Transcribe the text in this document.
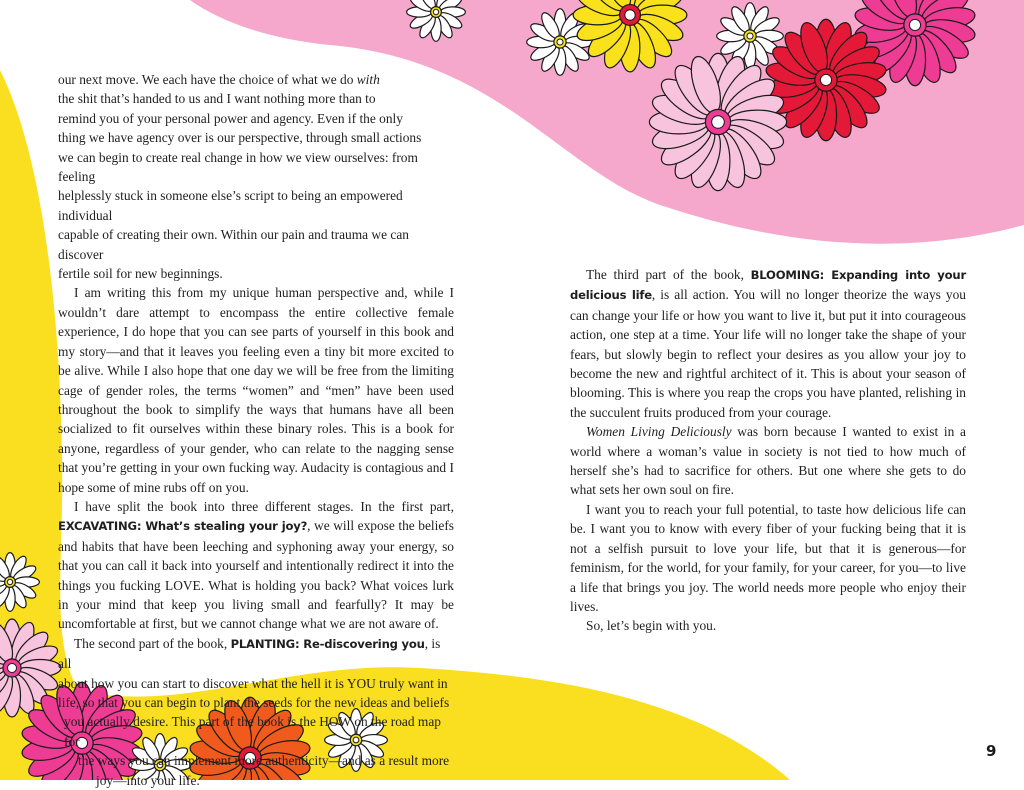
our next move. We each have the choice of what we do with
the shit that’s handed to us and I want nothing more than to
remind you of your personal power and agency. Even if the only
thing we have agency over is our perspective, through small actions
we can begin to create real change in how we view ourselves: from feeling
helplessly stuck in someone else’s script to being an empowered individual
capable of creating their own. Within our pain and trauma we can discover
fertile soil for new beginnings.

I am writing this from my unique human perspective and, while I wouldn’t dare attempt to encompass the entire collective female experience, I do hope that you can see parts of yourself in this book and my story—and that it leaves you feeling even a tiny bit more excited to be alive. While I also hope that one day we will be free from the limiting cage of gender roles, the terms “women” and “men” have been used throughout the book to simplify the ways that humans have all been socialized to fit ourselves within these binary roles. This is a book for anyone, regardless of your gender, who can relate to the nagging sense that you’re getting in your own fucking way. Audacity is contagious and I hope some of mine rubs off on you.

I have split the book into three different stages. In the first part, EXCAVATING: What’s stealing your joy?, we will expose the beliefs and habits that have been leeching and syphoning away your energy, so that you can call it back into yourself and intentionally redirect it into the things you fucking LOVE. What is holding you back? What voices lurk in your mind that keep you living small and fearfully? It may be uncomfortable at first, but we cannot change what we are not aware of.

The second part of the book, PLANTING: Re-discovering you, is all
about how you can start to discover what the hell it is YOU truly want in
life, so that you can begin to plant the seeds for the new ideas and beliefs
you actually desire. This part of the book is the HOW on the road map for
the ways you can implement more authenticity—and as a result more
joy—into your life.

The third part of the book, BLOOMING: Expanding into your delicious life, is all action. You will no longer theorize the ways you can change your life or how you want to live it, but put it into courageous action, one step at a time. Your life will no longer take the shape of your fears, but slowly begin to reflect your desires as you allow your joy to become the new and rightful architect of it. This is about your season of blooming. This is where you reap the crops you have planted, relishing in the succulent fruits produced from your courage.

Women Living Deliciously was born because I wanted to exist in a world where a woman’s value in society is not tied to how much of herself she’s had to sacrifice for others. But one where she gets to do what sets her own soul on fire.

I want you to reach your full potential, to taste how delicious life can be. I want you to know with every fiber of your fucking being that it is not a selfish pursuit to love your life, but that it is generous—for feminism, for the world, for your family, for your career, for you—to live a life that brings you joy. The world needs more people who enjoy their lives.

So, let’s begin with you.

9
